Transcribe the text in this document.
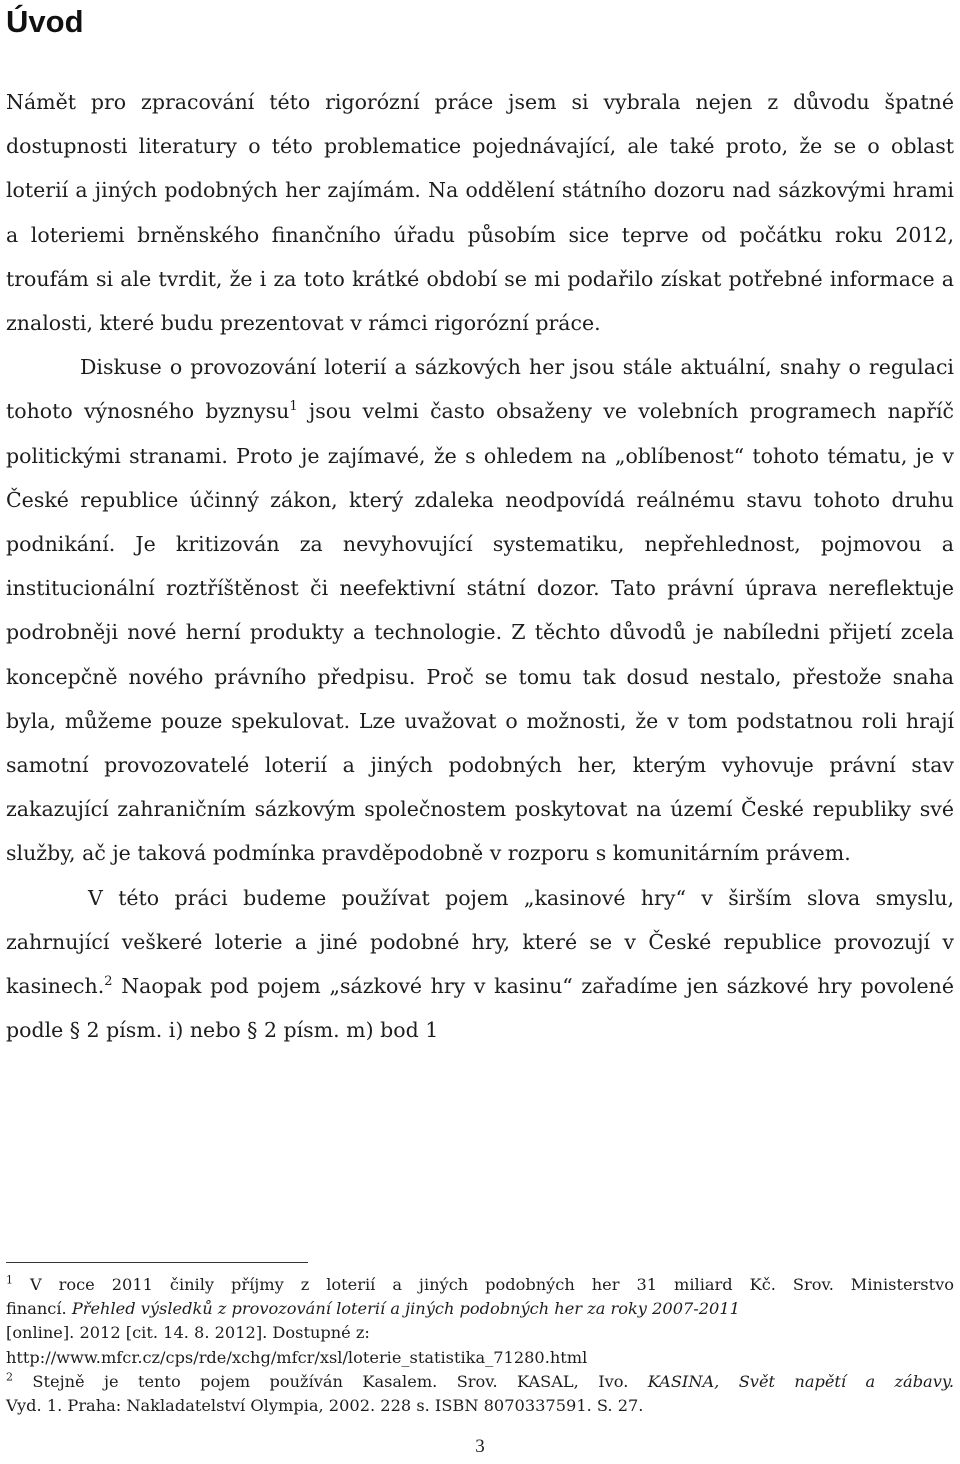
Úvod

Námět pro zpracování této rigorózní práce jsem si vybrala nejen z důvodu špatné dostupnosti literatury o této problematice pojednávající, ale také proto, že se o oblast loterií a jiných podobných her zajímám. Na oddělení státního dozoru nad sázkovými hrami a loteriemi brněnského finančního úřadu působím sice teprve od počátku roku 2012, troufám si ale tvrdit, že i za toto krátké období se mi podařilo získat potřebné informace a znalosti, které budu prezentovat v rámci rigorózní práce.

Diskuse o provozování loterií a sázkových her jsou stále aktuální, snahy o regulaci tohoto výnosného byznysu$^1$ jsou velmi často obsaženy ve volebních programech napříč politickými stranami. Proto je zajímavé, že s ohledem na „oblíbenost“ tohoto tématu, je v České republice účinný zákon, který zdaleka neodpovídá reálnému stavu tohoto druhu podnikání. Je kritizován za nevyhovující systematiku, nepřehlednost, pojmovou a institucionální roztříštěnost či neefektivní státní dozor. Tato právní úprava nereflektuje podrobněji nové herní produkty a technologie. Z těchto důvodů je nabíledni přijetí zcela koncepčně nového právního předpisu. Proč se tomu tak dosud nestalo, přestože snaha byla, můžeme pouze spekulovat. Lze uvažovat o možnosti, že v tom podstatnou roli hrají samotní provozovatelé loterií a jiných podobných her, kterým vyhovuje právní stav zakazující zahraničním sázkovým společnostem poskytovat na území České republiky své služby, ač je taková podmínka pravděpodobně v rozporu s komunitárním právem.

V této práci budeme používat pojem „kasinové hry“ v širším slova smyslu, zahrnující veškeré loterie a jiné podobné hry, které se v České republice provozují v kasinech.$^2$ Naopak pod pojem „sázkové hry v kasinu“ zařadíme jen sázkové hry povolené podle § 2 písm. i) nebo § 2 písm. m) bod 1

$^1$ V roce 2011 činily příjmy z loterií a jiných podobných her 31 miliard Kč. Srov. Ministerstvo
financí. Přehled výsledků z provozování loterií a jiných podobných her za roky 2007-2011
[online]. 2012 [cit. 14. 8. 2012]. Dostupné z:
http://www.mfcr.cz/cps/rde/xchg/mfcr/xsl/loterie_statistika_71280.html
$^2$ Stejně je tento pojem používán Kasalem. Srov. KASAL, Ivo. KASINA, Svět napětí a zábavy.
Vyd. 1. Praha: Nakladatelství Olympia, 2002. 228 s. ISBN 8070337591. S. 27.
3
